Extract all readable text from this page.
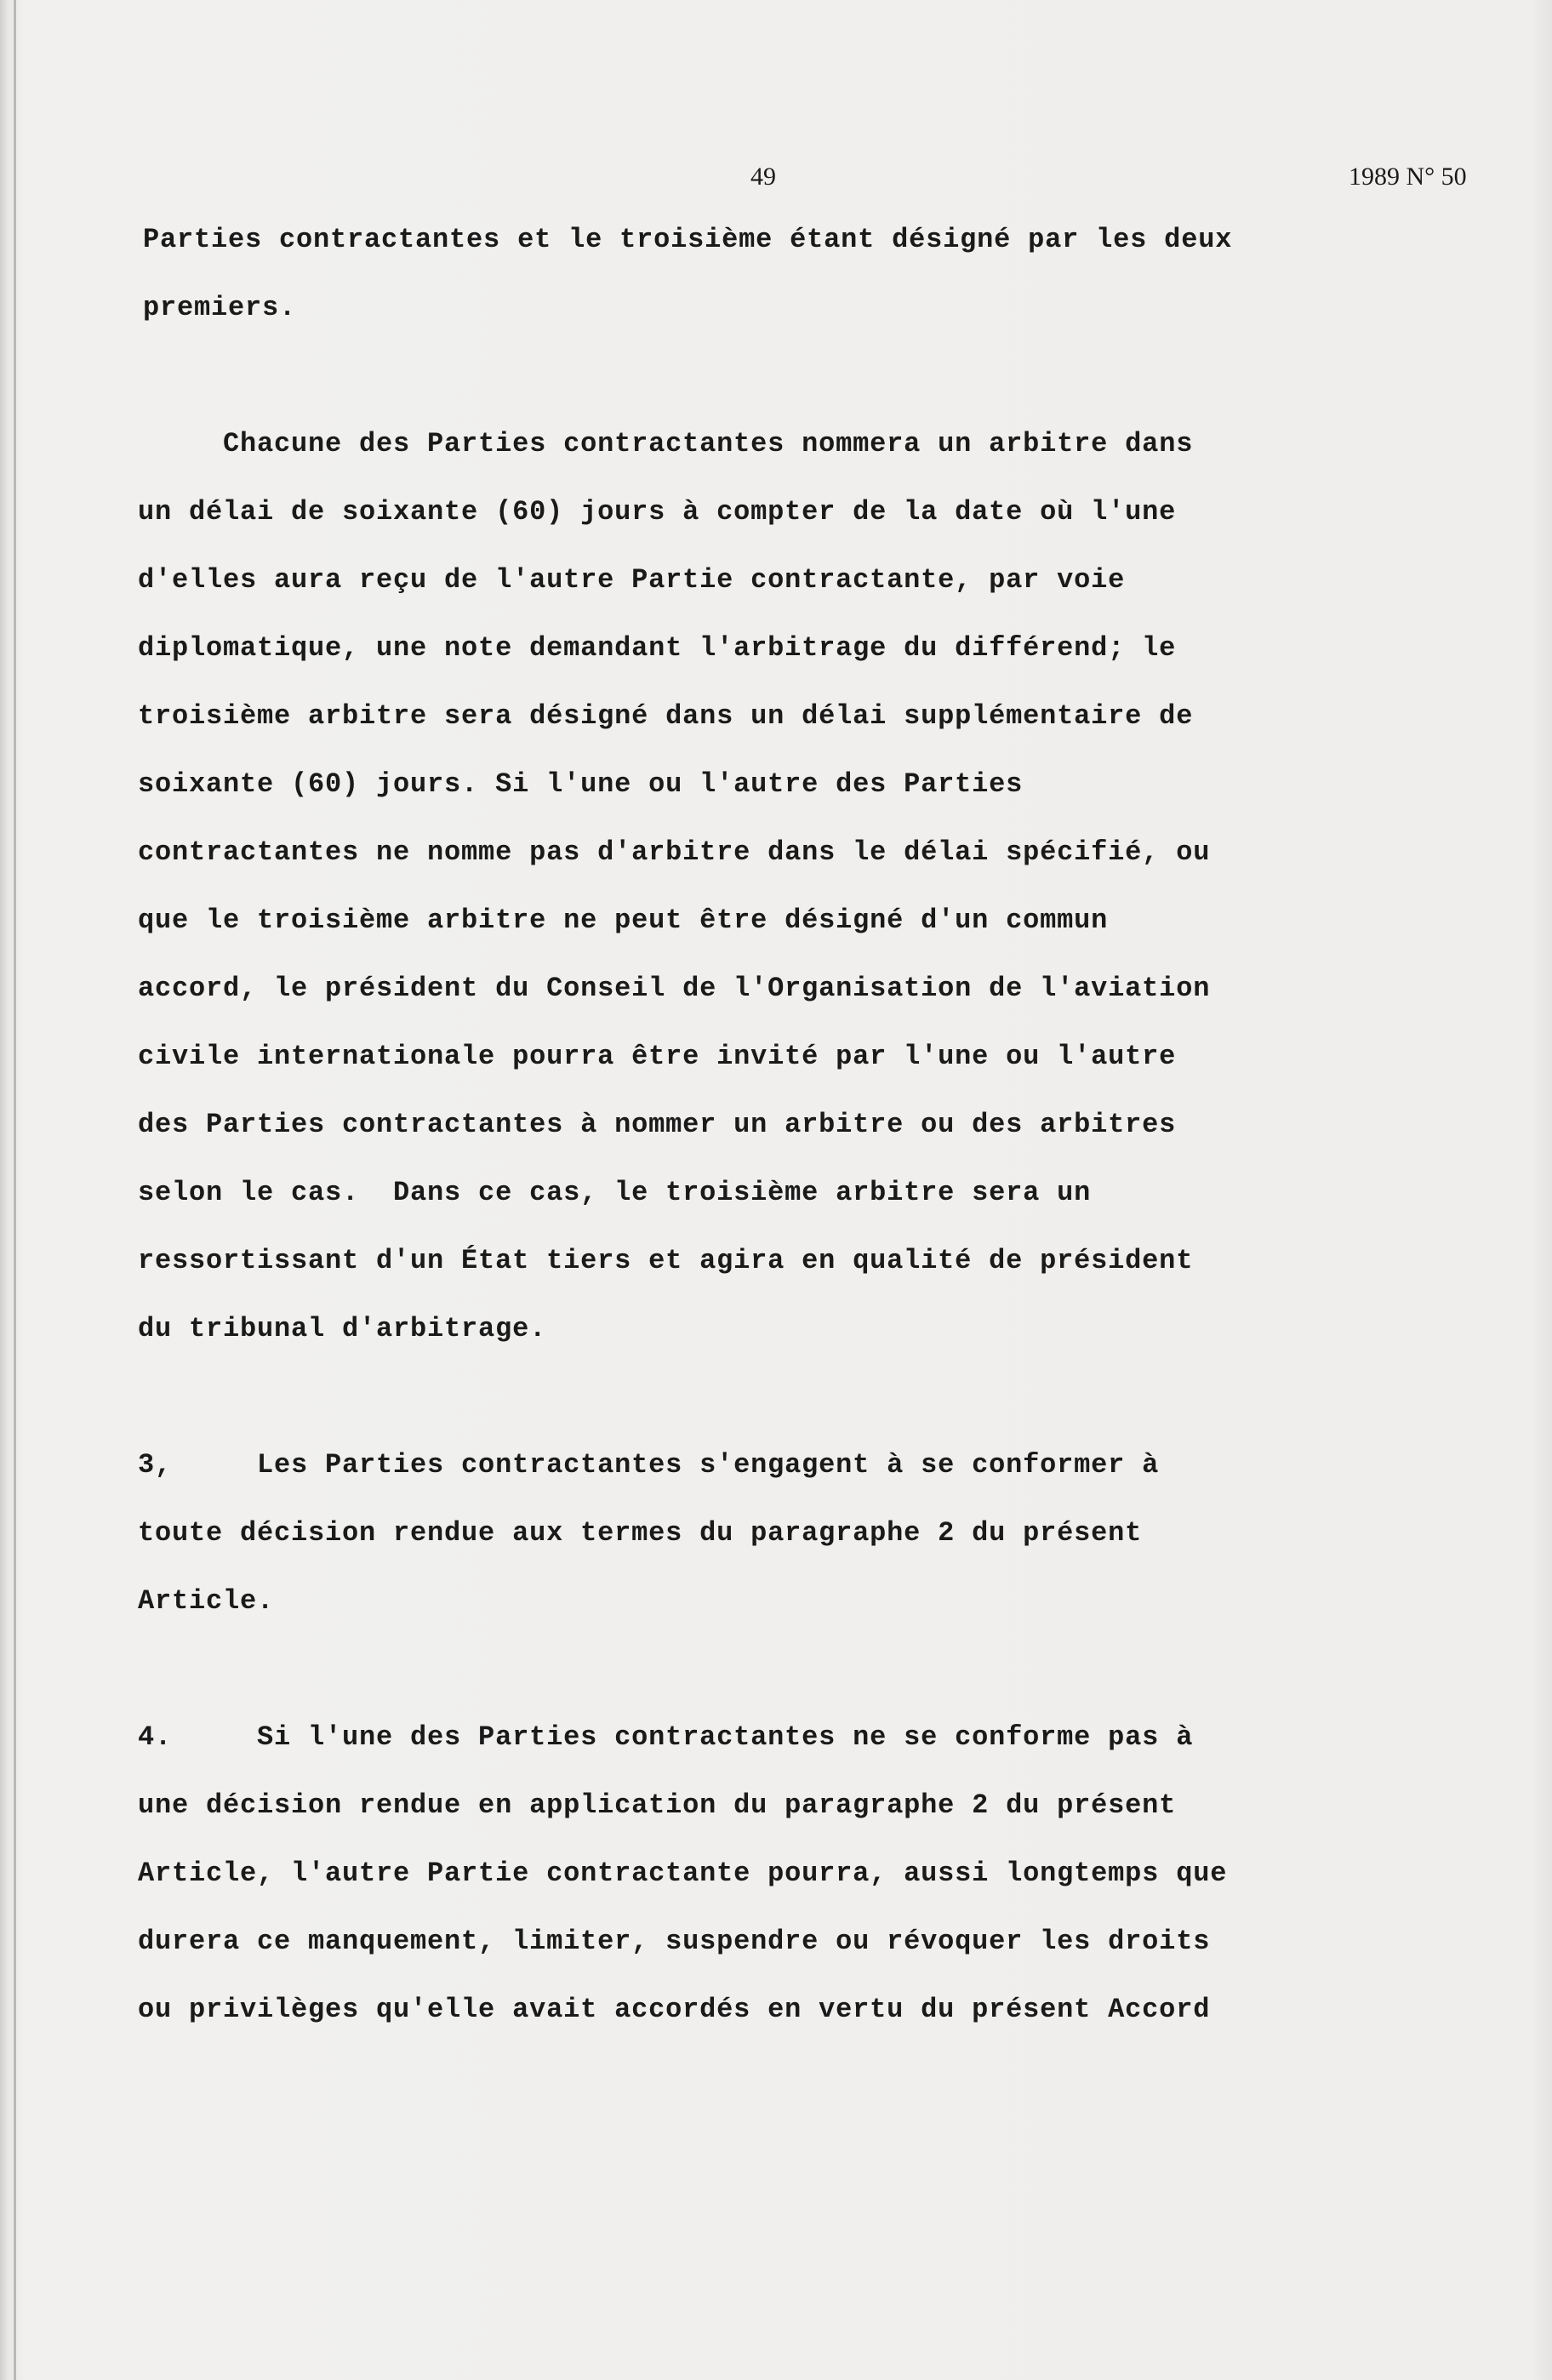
49	1989 N° 50
Parties contractantes et le troisième étant désigné par les deux
premiers.
Chacune des Parties contractantes nommera un arbitre dans
un délai de soixante (60) jours à compter de la date où l'une
d'elles aura reçu de l'autre Partie contractante, par voie
diplomatique, une note demandant l'arbitrage du différend; le
troisième arbitre sera désigné dans un délai supplémentaire de
soixante (60) jours. Si l'une ou l'autre des Parties
contractantes ne nomme pas d'arbitre dans le délai spécifié, ou
que le troisième arbitre ne peut être désigné d'un commun
accord, le président du Conseil de l'Organisation de l'aviation
civile internationale pourra être invité par l'une ou l'autre
des Parties contractantes à nommer un arbitre ou des arbitres
selon le cas.  Dans ce cas, le troisième arbitre sera un
ressortissant d'un État tiers et agira en qualité de président
du tribunal d'arbitrage.
3,     Les Parties contractantes s'engagent à se conformer à
toute décision rendue aux termes du paragraphe 2 du présent
Article.
4.     Si l'une des Parties contractantes ne se conforme pas à
une décision rendue en application du paragraphe 2 du présent
Article, l'autre Partie contractante pourra, aussi longtemps que
durera ce manquement, limiter, suspendre ou révoquer les droits
ou privilèges qu'elle avait accordés en vertu du présent Accord
